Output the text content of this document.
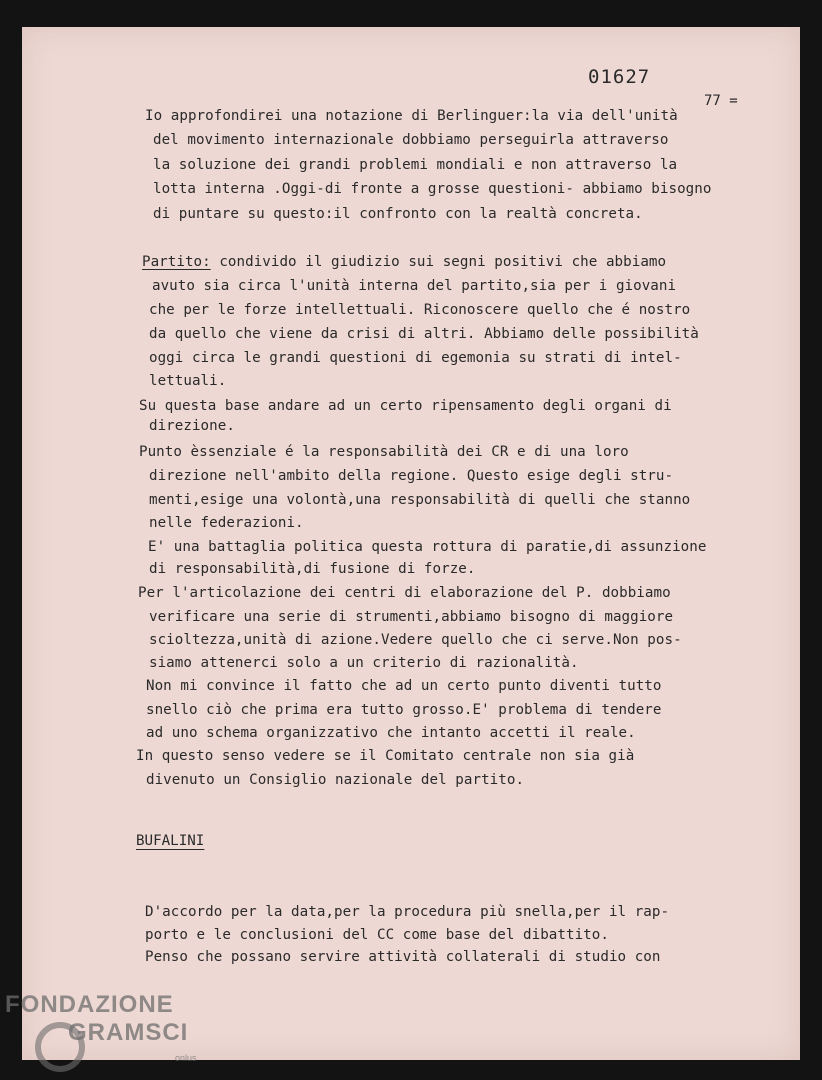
01627
77 =

Io approfondirei una notazione di Berlinguer:la via dell'unità

del movimento internazionale dobbiamo perseguirla attraverso

la soluzione dei grandi problemi mondiali e non attraverso la

lotta interna .Oggi-di fronte a grosse questioni- abbiamo bisogno

di puntare su questo:il confronto con la realtà concreta.

Partito: condivido il giudizio sui segni positivi che abbiamo

avuto sia circa l'unità interna del partito,sia per i giovani

che per le forze intellettuali. Riconoscere quello che é nostro

da quello che viene da crisi di altri. Abbiamo delle possibilità

oggi circa le grandi questioni di egemonia su strati di intel-

lettuali.

Su questa base andare ad un certo ripensamento degli organi di

direzione.

Punto èssenziale é la responsabilità dei CR e di una loro

direzione nell'ambito della regione. Questo esige degli stru-

menti,esige una volontà,una responsabilità di quelli che stanno

nelle federazioni.

E' una battaglia politica questa rottura di paratie,di assunzione

di responsabilità,di fusione di forze.

Per l'articolazione dei centri di elaborazione del P. dobbiamo

verificare una serie di strumenti,abbiamo bisogno di maggiore

scioltezza,unità di azione.Vedere quello che ci serve.Non pos-

siamo attenerci solo a un criterio di razionalità.

Non mi convince il fatto che ad un certo punto diventi tutto

snello ciò che prima era tutto grosso.E' problema di tendere

ad uno schema organizzativo che intanto accetti il reale.

In questo senso vedere se il Comitato centrale non sia già

divenuto un Consiglio nazionale del partito.

BUFALINI

D'accordo per la data,per la procedura più snella,per il rap-

porto e le conclusioni del CC come base del dibattito.

Penso che possano servire attività collaterali di studio con

FONDAZIONE
GRAMSCI
onlus
